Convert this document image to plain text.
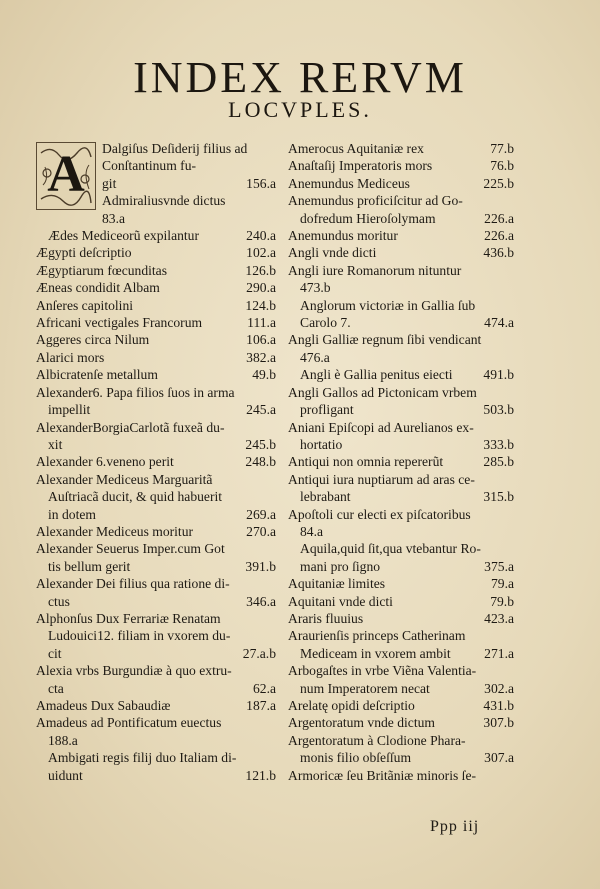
INDEX RERVM
LOCVPLES.
A	Dalgiſus Deſiderij filius ad Conſtantinum fu-
156.a
git
Admiraliusvnde dictus
83.a
240.a
Ædes Mediceorũ expilantur
102.a
Ægypti deſcriptio
126.b
Ægyptiarum fœcunditas
290.a
Æneas condidit Albam
124.b
Anſeres capitolini
111.a
Africani vectigales Francorum
106.a
Aggeres circa Nilum
382.a
Alarici mors
49.b
Albicratenſe metallum
Alexander6. Papa filios ſuos in arma
245.a
impellit
AlexanderBorgiaCarlotã fuxeã du-
245.b
xit
248.b
Alexander 6.veneno perit
Alexander Mediceus Marguaritã
Auſtriacã ducit, & quid habuerit
269.a
in dotem
270.a
Alexander Mediceus moritur
Alexander Seuerus Imper.cum Got
391.b
tis bellum gerit
Alexander Dei filius qua ratione di-
346.a
ctus
Alphonſus Dux Ferrariæ Renatam
Ludouici12. filiam in vxorem du-
27.a.b
cit
Alexia vrbs Burgundiæ à quo extru-
62.a
cta
187.a
Amadeus Dux Sabaudiæ
Amadeus ad Pontificatum euectus
188.a
Ambigati regis filij duo Italiam di-
121.b
uidunt
77.b
Amerocus Aquitaniæ rex
76.b
Anaſtaſij Imperatoris mors
225.b
Anemundus Mediceus
Anemundus proficiſcitur ad Go-
226.a
dofredum Hieroſolymam
226.a
Anemundus moritur
436.b
Angli vnde dicti
Angli iure Romanorum nituntur
473.b
Anglorum victoriæ in Gallia ſub
474.a
Carolo 7.
Angli Galliæ regnum ſibi vendicant
476.a
491.b
Angli è Gallia penitus eiecti
Angli Gallos ad Pictonicam vrbem
503.b
profligant
Aniani Epiſcopi ad Aurelianos ex-
333.b
hortatio
285.b
Antiqui non omnia repererũt
Antiqui iura nuptiarum ad aras ce-
315.b
lebrabant
Apoſtoli cur electi ex piſcatoribus
84.a
Aquila,quid ſit,qua vtebantur Ro-
375.a
mani pro ſigno
79.a
Aquitaniæ limites
79.b
Aquitani vnde dicti
423.a
Araris fluuius
Araurienſis princeps Catherinam
271.a
Mediceam in vxorem ambit
Arbogaſtes in vrbe Viẽna Valentia-
302.a
num Imperatorem necat
431.b
Arelatę opidi deſcriptio
307.b
Argentoratum vnde dictum
Argentoratum à Clodione Phara-
307.a
monis filio obſeſſum
Armoricæ ſeu Britãniæ minoris ſe-
Ppp iij
